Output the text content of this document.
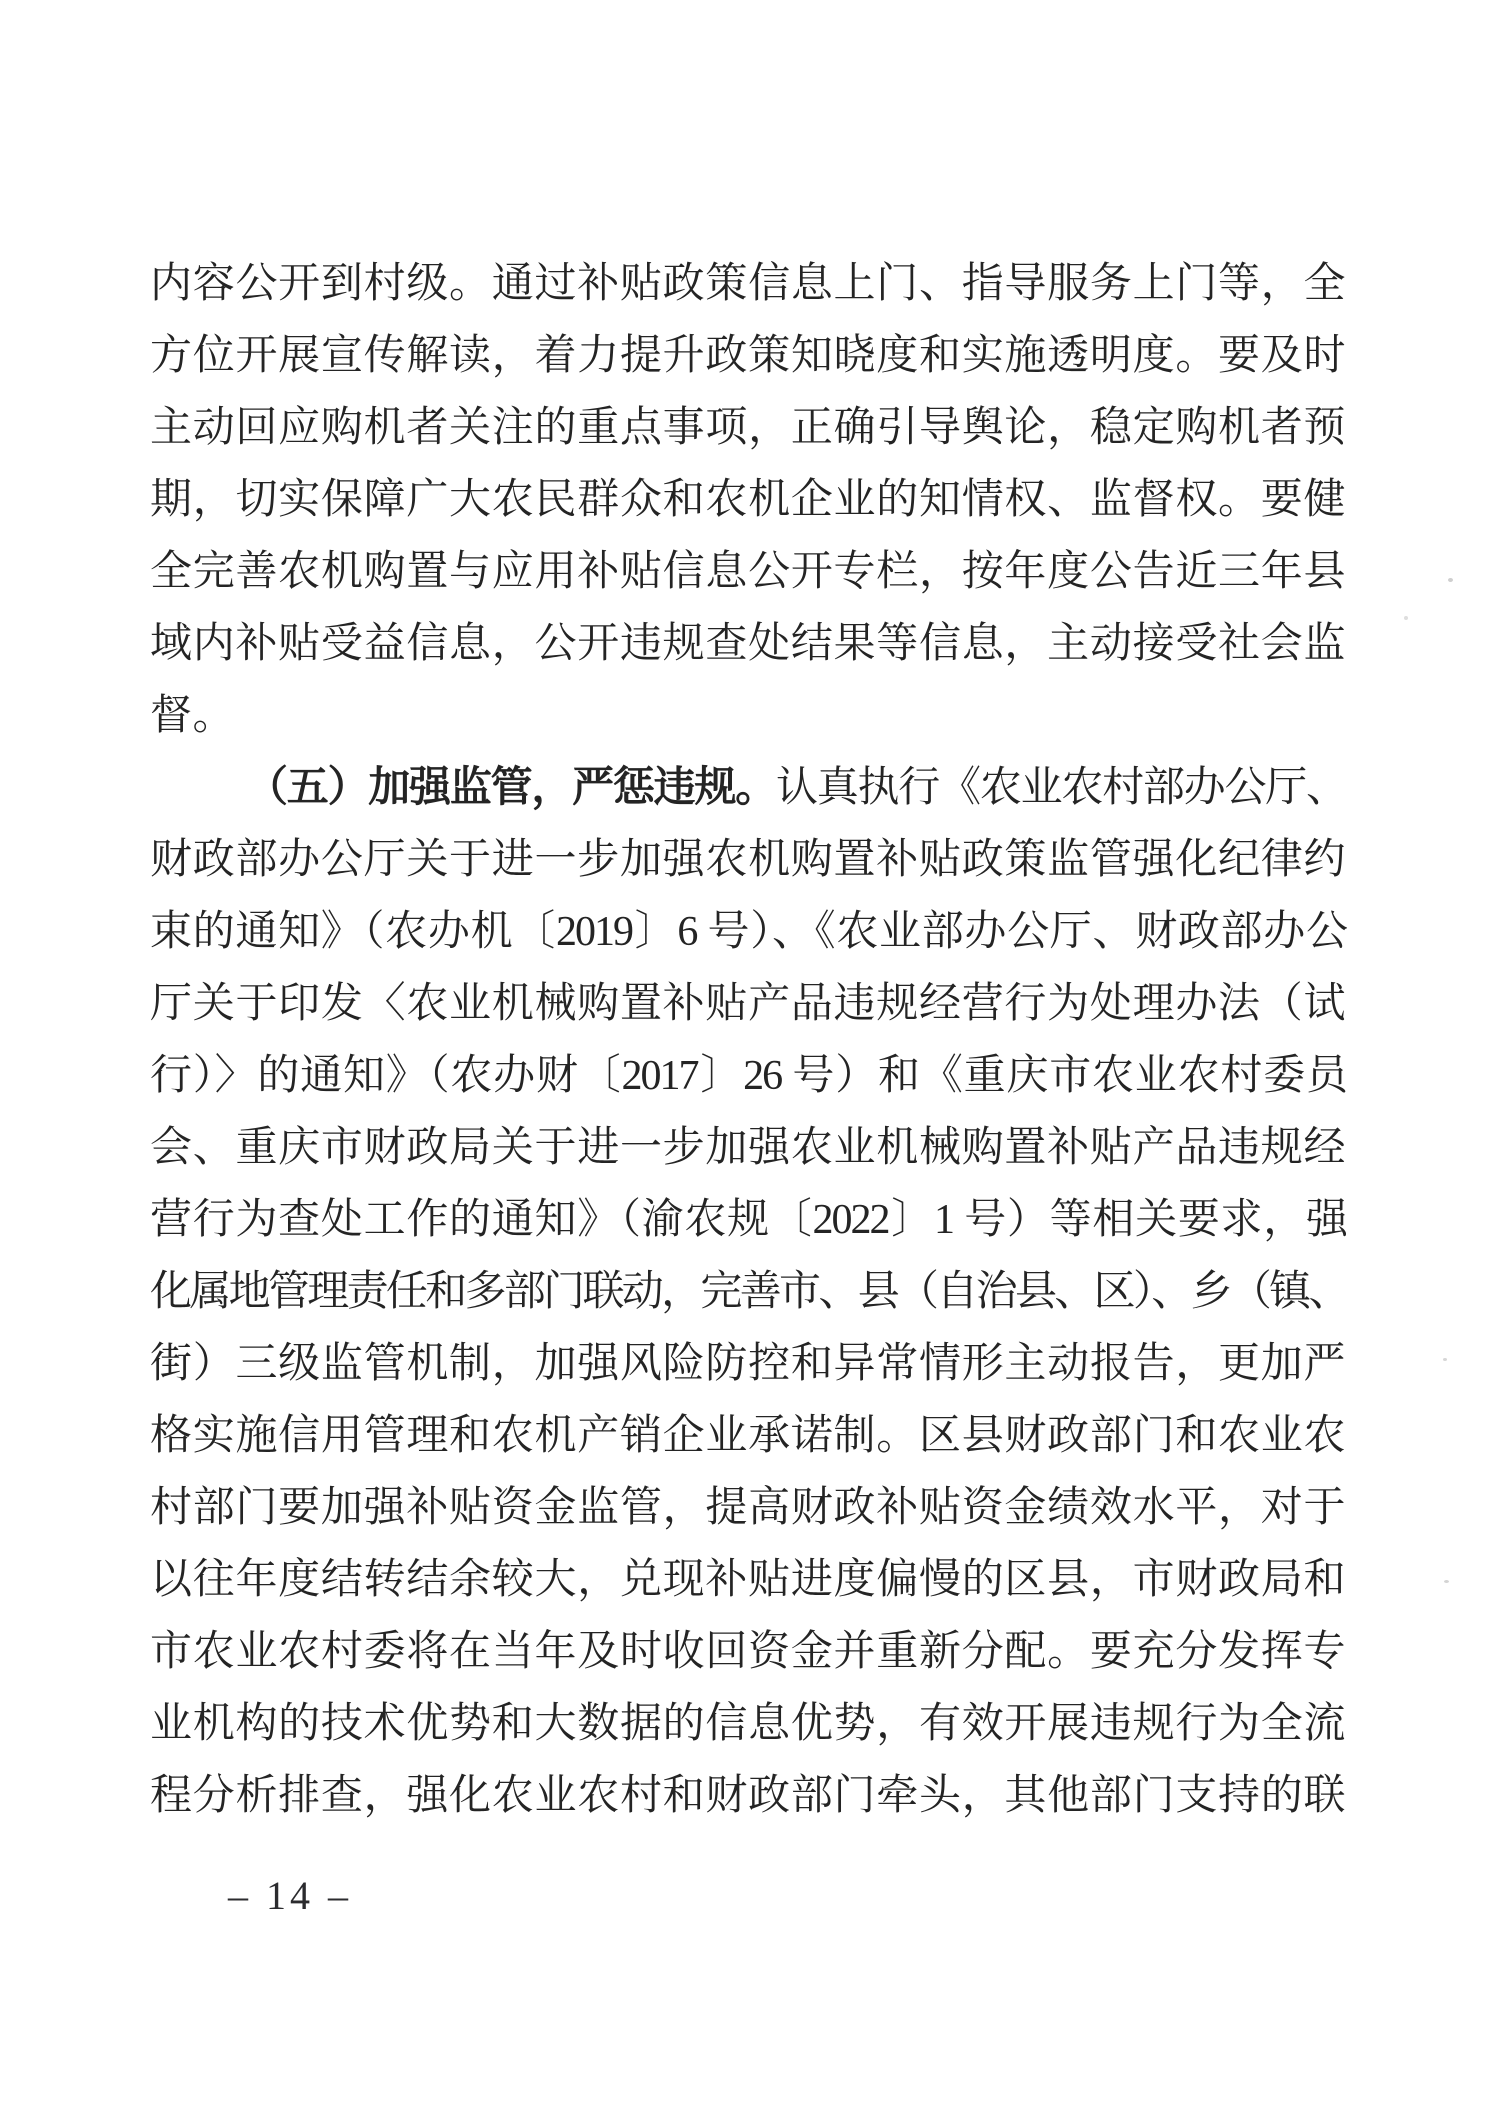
内容公开到村级。通过补贴政策信息上门、指导服务上门等，全
方位开展宣传解读，着力提升政策知晓度和实施透明度。要及时
主动回应购机者关注的重点事项，正确引导舆论，稳定购机者预
期，切实保障广大农民群众和农机企业的知情权、监督权。要健
全完善农机购置与应用补贴信息公开专栏，按年度公告近三年县
域内补贴受益信息，公开违规查处结果等信息，主动接受社会监
督。
（五）加强监管，严惩违规。认真执行《农业农村部办公厅、
财政部办公厅关于进一步加强农机购置补贴政策监管强化纪律约
束的通知》（农办机〔2019〕6 号）、《农业部办公厅、财政部办公
厅关于印发〈农业机械购置补贴产品违规经营行为处理办法（试
行）〉的通知》（农办财〔2017〕26 号）和《重庆市农业农村委员
会、重庆市财政局关于进一步加强农业机械购置补贴产品违规经
营行为查处工作的通知》（渝农规〔2022〕1 号）等相关要求，强
化属地管理责任和多部门联动，完善市、县（自治县、区）、乡（镇、
街）三级监管机制，加强风险防控和异常情形主动报告，更加严
格实施信用管理和农机产销企业承诺制。区县财政部门和农业农
村部门要加强补贴资金监管，提高财政补贴资金绩效水平，对于
以往年度结转结余较大，兑现补贴进度偏慢的区县，市财政局和
市农业农村委将在当年及时收回资金并重新分配。要充分发挥专
业机构的技术优势和大数据的信息优势，有效开展违规行为全流
程分析排查，强化农业农村和财政部门牵头，其他部门支持的联
– 14 –
